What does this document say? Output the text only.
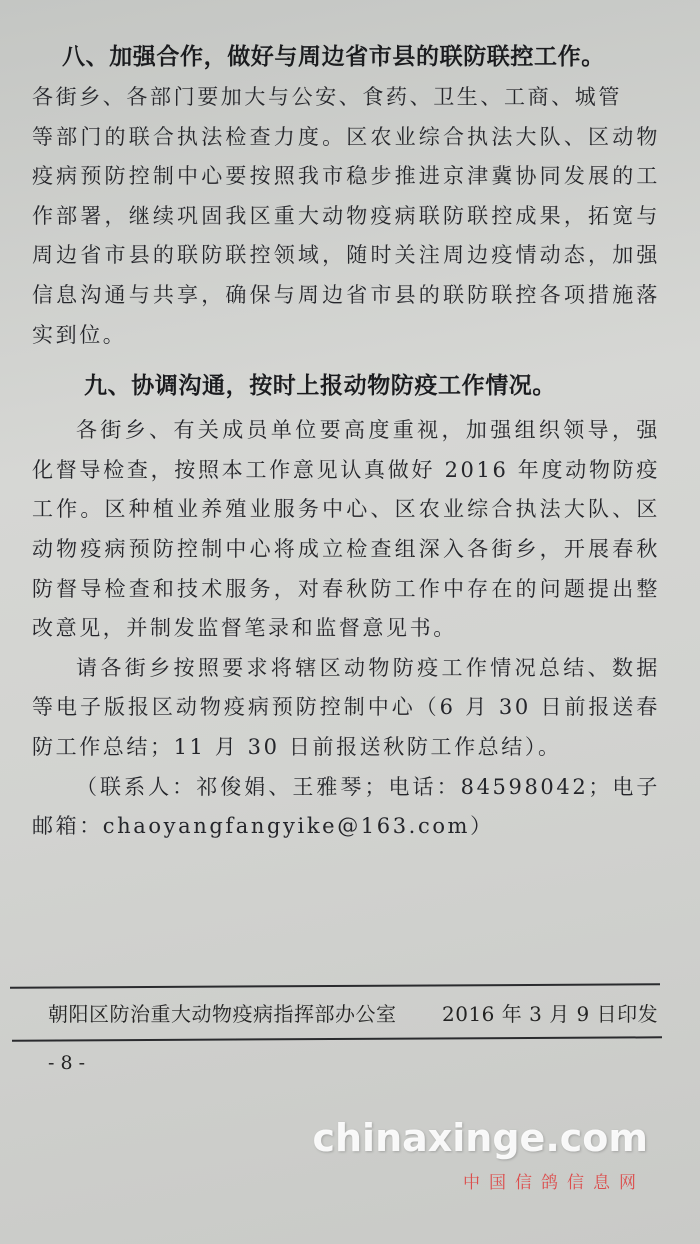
八、加强合作，做好与周边省市县的联防联控工作。

各街乡、各部门要加大与公安、食药、卫生、工商、城管

等部门的联合执法检查力度。区农业综合执法大队、区动物疫病预防控制中心要按照我市稳步推进京津冀协同发展的工作部署，继续巩固我区重大动物疫病联防联控成果，拓宽与周边省市县的联防联控领域，随时关注周边疫情动态，加强信息沟通与共享，确保与周边省市县的联防联控各项措施落实到位。

九、协调沟通，按时上报动物防疫工作情况。

各街乡、有关成员单位要高度重视，加强组织领导，强化督导检查，按照本工作意见认真做好 2016 年度动物防疫工作。区种植业养殖业服务中心、区农业综合执法大队、区动物疫病预防控制中心将成立检查组深入各街乡，开展春秋防督导检查和技术服务，对春秋防工作中存在的问题提出整改意见，并制发监督笔录和监督意见书。

请各街乡按照要求将辖区动物防疫工作情况总结、数据等电子版报区动物疫病预防控制中心（6 月 30 日前报送春防工作总结；11 月 30 日前报送秋防工作总结）。

（联系人：祁俊娟、王雅琴；电话：84598042；电子邮箱：chaoyangfangyike@163.com）

朝阳区防治重大动物疫病指挥部办公室 2016 年 3 月 9 日印发
- 8 -
chinaxinge.com
中国信鸽信息网
